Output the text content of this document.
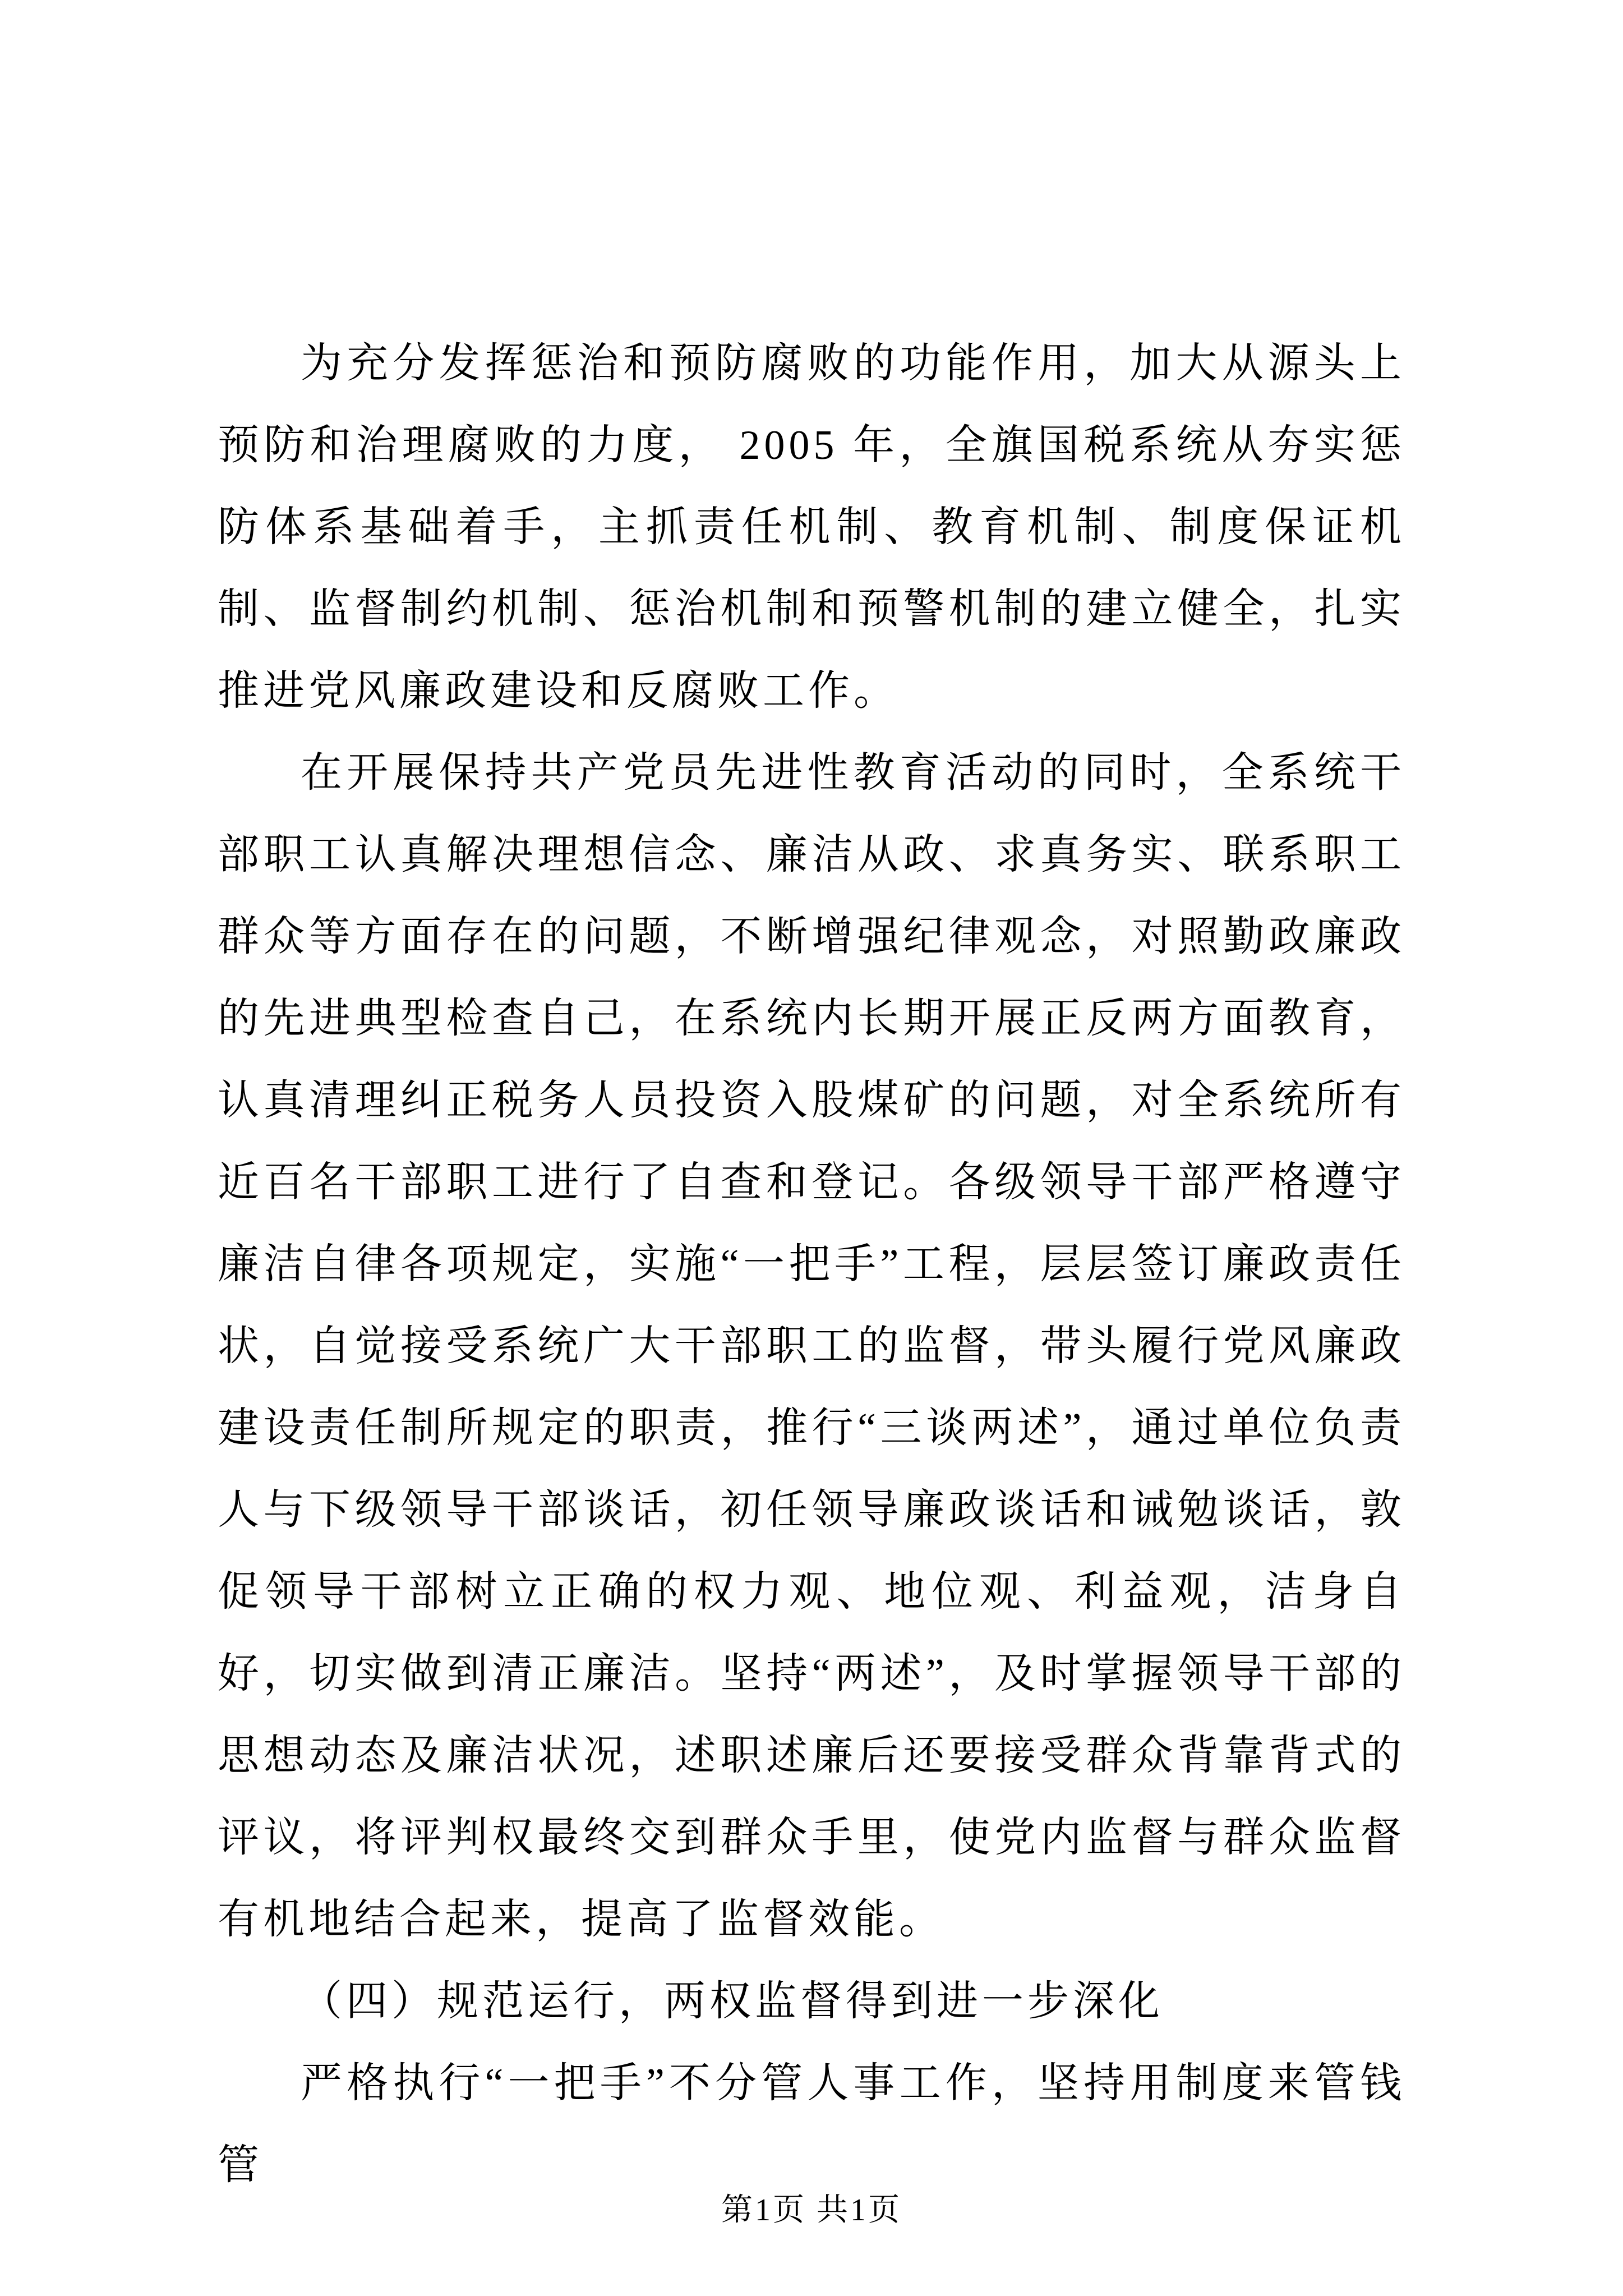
为充分发挥惩治和预防腐败的功能作用，加大从源头上预防和治理腐败的力度， 2005 年，全旗国税系统从夯实惩防体系基础着手，主抓责任机制、教育机制、制度保证机制、监督制约机制、惩治机制和预警机制的建立健全，扎实推进党风廉政建设和反腐败工作。

在开展保持共产党员先进性教育活动的同时，全系统干部职工认真解决理想信念、廉洁从政、求真务实、联系职工群众等方面存在的问题，不断增强纪律观念，对照勤政廉政的先进典型检查自己，在系统内长期开展正反两方面教育，认真清理纠正税务人员投资入股煤矿的问题，对全系统所有近百名干部职工进行了自查和登记。各级领导干部严格遵守廉洁自律各项规定，实施“一把手”工程，层层签订廉政责任状，自觉接受系统广大干部职工的监督，带头履行党风廉政建设责任制所规定的职责，推行“三谈两述”，通过单位负责人与下级领导干部谈话，初任领导廉政谈话和诫勉谈话，敦促领导干部树立正确的权力观、地位观、利益观，洁身自好，切实做到清正廉洁。坚持“两述”，及时掌握领导干部的思想动态及廉洁状况，述职述廉后还要接受群众背靠背式的评议，将评判权最终交到群众手里，使党内监督与群众监督有机地结合起来，提高了监督效能。

（四）规范运行，两权监督得到进一步深化

严格执行“一把手”不分管人事工作，坚持用制度来管钱管

第1页 共1页
